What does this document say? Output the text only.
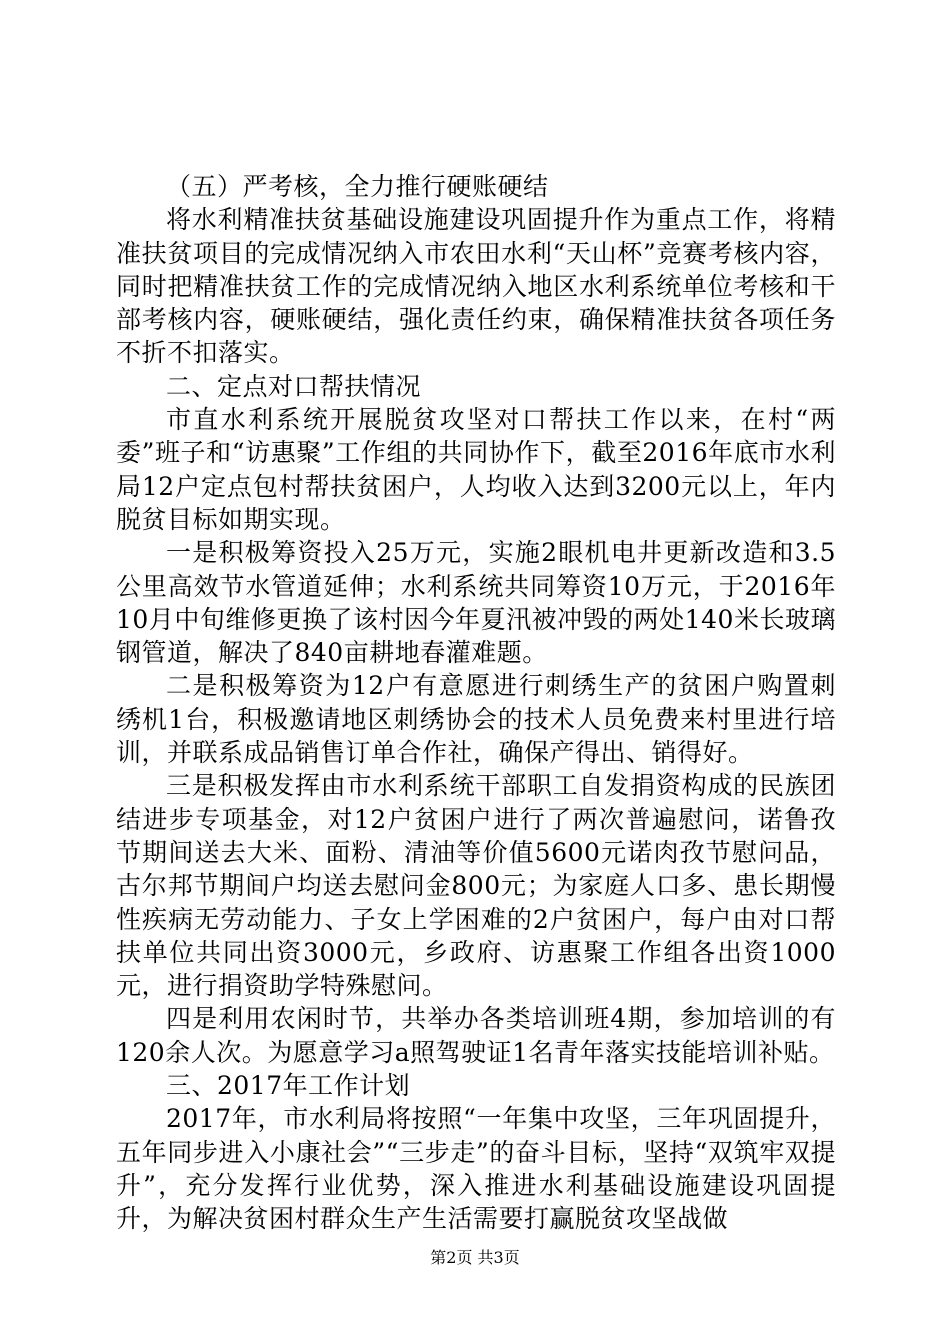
（五）严考核，全力推行硬账硬结

将水利精准扶贫基础设施建设巩固提升作为重点工作，将精准扶贫项目的完成情况纳入市农田水利“天山杯”竞赛考核内容，同时把精准扶贫工作的完成情况纳入地区水利系统单位考核和干部考核内容，硬账硬结，强化责任约束，确保精准扶贫各项任务不折不扣落实。

二、定点对口帮扶情况

市直水利系统开展脱贫攻坚对口帮扶工作以来，在村“两委”班子和“访惠聚”工作组的共同协作下，截至2016年底市水利局12户定点包村帮扶贫困户，人均收入达到3200元以上，年内脱贫目标如期实现。

一是积极筹资投入25万元，实施2眼机电井更新改造和3.5公里高效节水管道延伸；水利系统共同筹资10万元，于2016年10月中旬维修更换了该村因今年夏汛被冲毁的两处140米长玻璃钢管道，解决了840亩耕地春灌难题。

二是积极筹资为12户有意愿进行刺绣生产的贫困户购置刺绣机1台，积极邀请地区刺绣协会的技术人员免费来村里进行培训，并联系成品销售订单合作社，确保产得出、销得好。

三是积极发挥由市水利系统干部职工自发捐资构成的民族团结进步专项基金，对12户贫困户进行了两次普遍慰问，诺鲁孜节期间送去大米、面粉、清油等价值5600元诺肉孜节慰问品，古尔邦节期间户均送去慰问金800元；为家庭人口多、患长期慢性疾病无劳动能力、子女上学困难的2户贫困户，每户由对口帮扶单位共同出资3000元，乡政府、访惠聚工作组各出资1000元，进行捐资助学特殊慰问。

四是利用农闲时节，共举办各类培训班4期，参加培训的有120余人次。为愿意学习a照驾驶证1名青年落实技能培训补贴。

三、2017年工作计划

2017年，市水利局将按照“一年集中攻坚，三年巩固提升，五年同步进入小康社会”“三步走”的奋斗目标，坚持“双筑牢双提升”，充分发挥行业优势，深入推进水利基础设施建设巩固提升，为解决贫困村群众生产生活需要打赢脱贫攻坚战做

第2页 共3页
